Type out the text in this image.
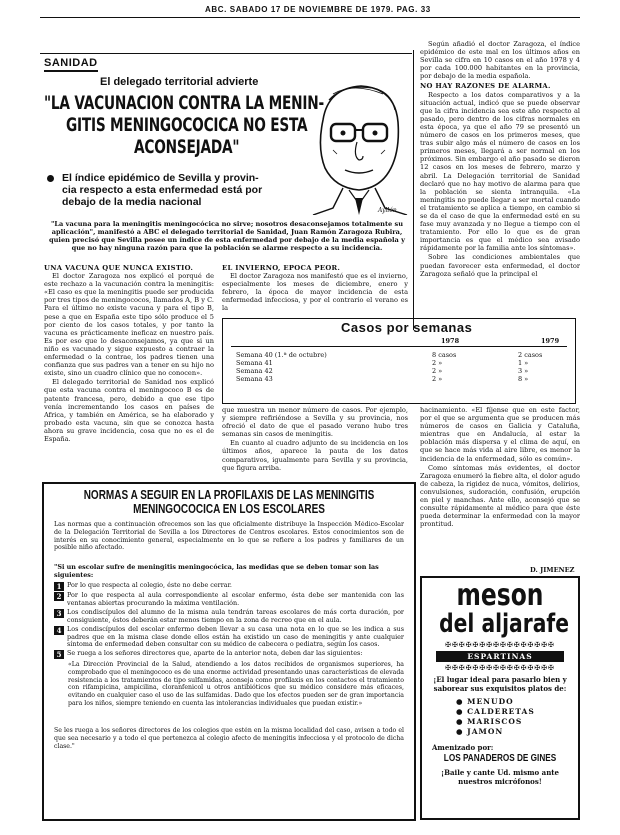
ABC. SABADO 17 DE NOVIEMBRE DE 1979. PAG. 33
SANIDAD
El delegado territorial advierte
"LA VACUNACION CONTRA LA MENIN-
GITIS MENINGOCOCICA NO ESTA
ACONSEJADA"
El índice epidémico de Sevilla y provin-
cia respecto a esta enfermedad está por
debajo de la media nacional
Ayllón
"La vacuna para la meningitis meningocócica no sirve; nosotros desaconsejamos totalmente su aplicación", manifestó a ABC el delegado territorial de Sanidad, Juan Ramón Zaragoza Rubira, quien precisó que Sevilla posee un índice de esta enfermedad por debajo de la media española y que no hay ninguna razón para que la población se alarme respecto a su incidencia.
UNA VACUNA QUE NUNCA EXISTIO.

El doctor Zaragoza nos explicó el porqué de este rechazo a la vacunación contra la meningitis: «El caso es que la meningitis puede ser producida por tres tipos de meningococos, llamados A, B y C. Para el último no existe vacuna y para el tipo B, pese a que en España este tipo sólo produce el 5 por ciento de los casos totales, y por tanto la vacuna es prácticamente ineficaz en nuestro país. Es por eso que lo desaconsejamos, ya que si un niño es vacunado y sigue expuesto a contraer la enfermedad o la contrae, los padres tienen una confianza que sus padres van a tener en su hijo no existe, sino un cuadro clínico que no conocen».

El delegado territorial de Sanidad nos explicó que esta vacuna contra el meningococo B es de patente francesa, pero, debido a que ese tipo venía incrementando los casos en países de Africa, y también en América, se ha elaborado y probado esta vacuna, sin que se conozca hasta ahora su grave incidencia, cosa que no es el de España.

EL INVIERNO, EPOCA PEOR.

El doctor Zaragoza nos manifestó que es el invierno, especialmente los meses de diciembre, enero y febrero, la época de mayor incidencia de esta enfermedad infecciosa, y por el contrario el verano es la

Según añadió el doctor Zaragoza, el índice epidémico de este mal en los últimos años en Sevilla se cifra en 10 casos en el año 1978 y 4 por cada 100.000 habitantes en la provincia, por debajo de la media española.

NO HAY RAZONES DE ALARMA.

Respecto a los datos comparativos y a la situación actual, indicó que se puede observar que la cifra incidencia sea este año respecto al pasado, pero dentro de los cifras normales en esta época, ya que el año 79 se presentó un número de casos en los primeros meses, que tras subir algo más el número de casos en los primeros meses, llegará a ser normal en los próximos. Sin embargo el año pasado se dieron 12 casos en los meses de febrero, marzo y abril. La Delegación territorial de Sanidad declaró que no hay motivo de alarma para que la población se sienta intranquila. «La meningitis no puede llegar a ser mortal cuando el tratamiento se aplica a tiempo, en cambio si se da el caso de que la enfermedad esté en su fase muy avanzada y no llegue a tiempo con el tratamiento. Por ello lo que es de gran importancia es que el médico sea avisado rápidamente por la familia ante los síntomas».

Sobre las condiciones ambientales que puedan favorecer esta enfermedad, el doctor Zaragoza señaló que la principal el

Casos por semanas
1978	1979
Semana 40 (1.ª de octubre)	8 casos	2 casos
Semana 41	2 »	1 »
Semana 42	2 »	3 »
Semana 43	2 »	8 »

que muestra un menor número de casos. Por ejemplo, y siempre refiriéndose a Sevilla y su provincia, nos ofreció el dato de que el pasado verano hubo tres semanas sin casos de meningitis.

En cuanto al cuadro adjunto de su incidencia en los últimos años, aparece la pauta de los datos comparativos, igualmente para Sevilla y su provincia, que figura arriba.

hacinamiento. «El fíjense que en este factor, por el que se argumenta que se producen más números de casos en Galicia y Cataluña, mientras que en Andalucía, al estar la población más dispersa y el clima de aquí, en que se hace más vida al aire libre, es menor la incidencia de la enfermedad, sólo es común».

Como síntomas más evidentes, el doctor Zaragoza enumeró la fiebre alta, el dolor agudo de cabeza, la rigidez de nuca, vómitos, delirios, convulsiones, sudoración, confusión, erupción en piel y manchas. Ante ello, aconsejó que se consulte rápidamente al médico para que éste pueda determinar la enfermedad con la mayor prontitud.

D. JIMENEZ
NORMAS A SEGUIR EN LA PROFILAXIS DE LAS MENINGITIS
MENINGOCOCICA EN LOS ESCOLARES
Las normas que a continuación ofrecemos son las que oficialmente distribuye la Inspección Médico-Escolar de la Delegación Territorial de Sevilla a los Directores de Centros escolares. Estos conocimientos son de interés en su conocimiento general, especialmente en lo que se refiere a los padres y familiares de un posible niño afectado.
"Si un escolar sufre de meningitis meningocócica, las medidas que se deben tomar son las siguientes:
1 Por lo que respecta al colegio, éste no debe cerrar.
2 Por lo que respecta al aula correspondiente al escolar enfermo, ésta debe ser mantenida con las ventanas abiertas procurando la máxima ventilación.
3 Los condiscípulos del alumno de la misma aula tendrán tareas escolares de más corta duración, por consiguiente, éstos deberán estar menos tiempo en la zona de recreo que en el aula.
4 Los condiscípulos del escolar enfermo deben llevar a su casa una nota en lo que se les indica a sus padres que en la misma clase donde ellos están ha existido un caso de meningitis y ante cualquier síntoma de enfermedad deben consultar con su médico de cabecera o pediatra, según los casos.
5 Se ruega a los señores directores que, aparte de la anterior nota, deben dar las siguientes:
«La Dirección Provincial de la Salud, atendiendo a los datos recibidos de organismos superiores, ha comprobado que el meningococo es de una enorme actividad presentando unas características de elevada resistencia a los tratamientos de tipo sulfamidas, aconseja como profilaxis en los contactos el tratamiento con rifampicina, ampicilina, cloranfenicol u otros antibióticos que su médico considere más eficaces, evitando en cualquier caso el uso de las sulfamidas. Dado que los efectos pueden ser de gran importancia para los niños, siempre teniendo en cuenta las intolerancias individuales que puedan existir.»
Se les ruega a los señores directores de los colegios que estén en la misma localidad del caso, avisen a todo el que sea necesario y a todo el que pertenezca al colegio afecto de meningitis infecciosa y el protocolo de dicha clase."
meson
del aljarafe
✠✠✠✠✠✠✠✠✠✠✠✠✠✠✠✠
ESPARTINAS
✠✠✠✠✠✠✠✠✠✠✠✠✠✠✠✠
¡El lugar ideal para pasarlo bien y saborear sus exquisitos platos de:
● MENUDO
● CALDERETAS
● MARISCOS
● JAMON
Amenizado por:
LOS PANADEROS DE GINES
¡Baile y cante Ud. mismo ante nuestros micrófonos!
